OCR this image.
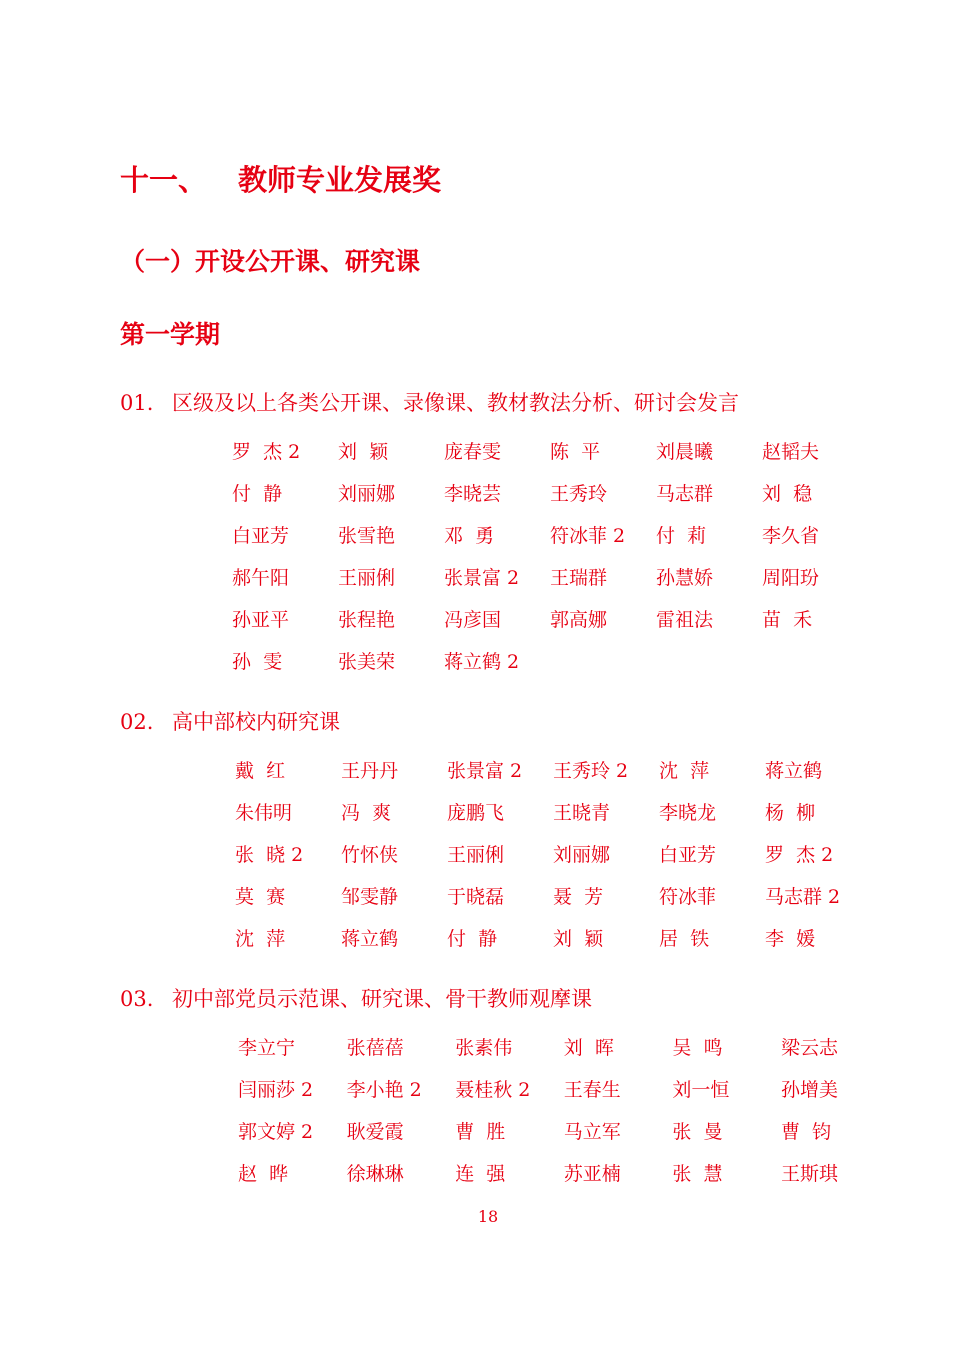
十一、 教师专业发展奖
（一）开设公开课、研究课
第一学期
01. 区级及以上各类公开课、录像课、教材教法分析、研讨会发言
罗  杰 2	刘  颖	庞春雯	陈  平	刘晨曦	赵韬夫
付  静	刘丽娜	李晓芸	王秀玲	马志群	刘  稳
白亚芳	张雪艳	邓  勇	符冰菲 2	付  莉	李久省
郝午阳	王丽俐	张景富 2	王瑞群	孙慧娇	周阳玢
孙亚平	张程艳	冯彦国	郭高娜	雷祖法	苗  禾
孙  雯	张美荣	蒋立鹤 2
02. 高中部校内研究课
戴  红	王丹丹	张景富 2	王秀玲 2	沈  萍	蒋立鹤
朱伟明	冯  爽	庞鹏飞	王晓青	李晓龙	杨  柳
张  晓 2	竹怀侠	王丽俐	刘丽娜	白亚芳	罗  杰 2
莫  赛	邹雯静	于晓磊	聂  芳	符冰菲	马志群 2
沈  萍	蒋立鹤	付  静	刘  颖	居  铁	李  媛
03. 初中部党员示范课、研究课、骨干教师观摩课
李立宁	张蓓蓓	张素伟	刘  晖	吴  鸣	梁云志
闫丽莎 2	李小艳 2	聂桂秋 2	王春生	刘一恒	孙增美
郭文婷 2	耿爱霞	曹  胜	马立军	张  曼	曹  钧
赵  晔	徐琳琳	连  强	苏亚楠	张  慧	王斯琪
18
